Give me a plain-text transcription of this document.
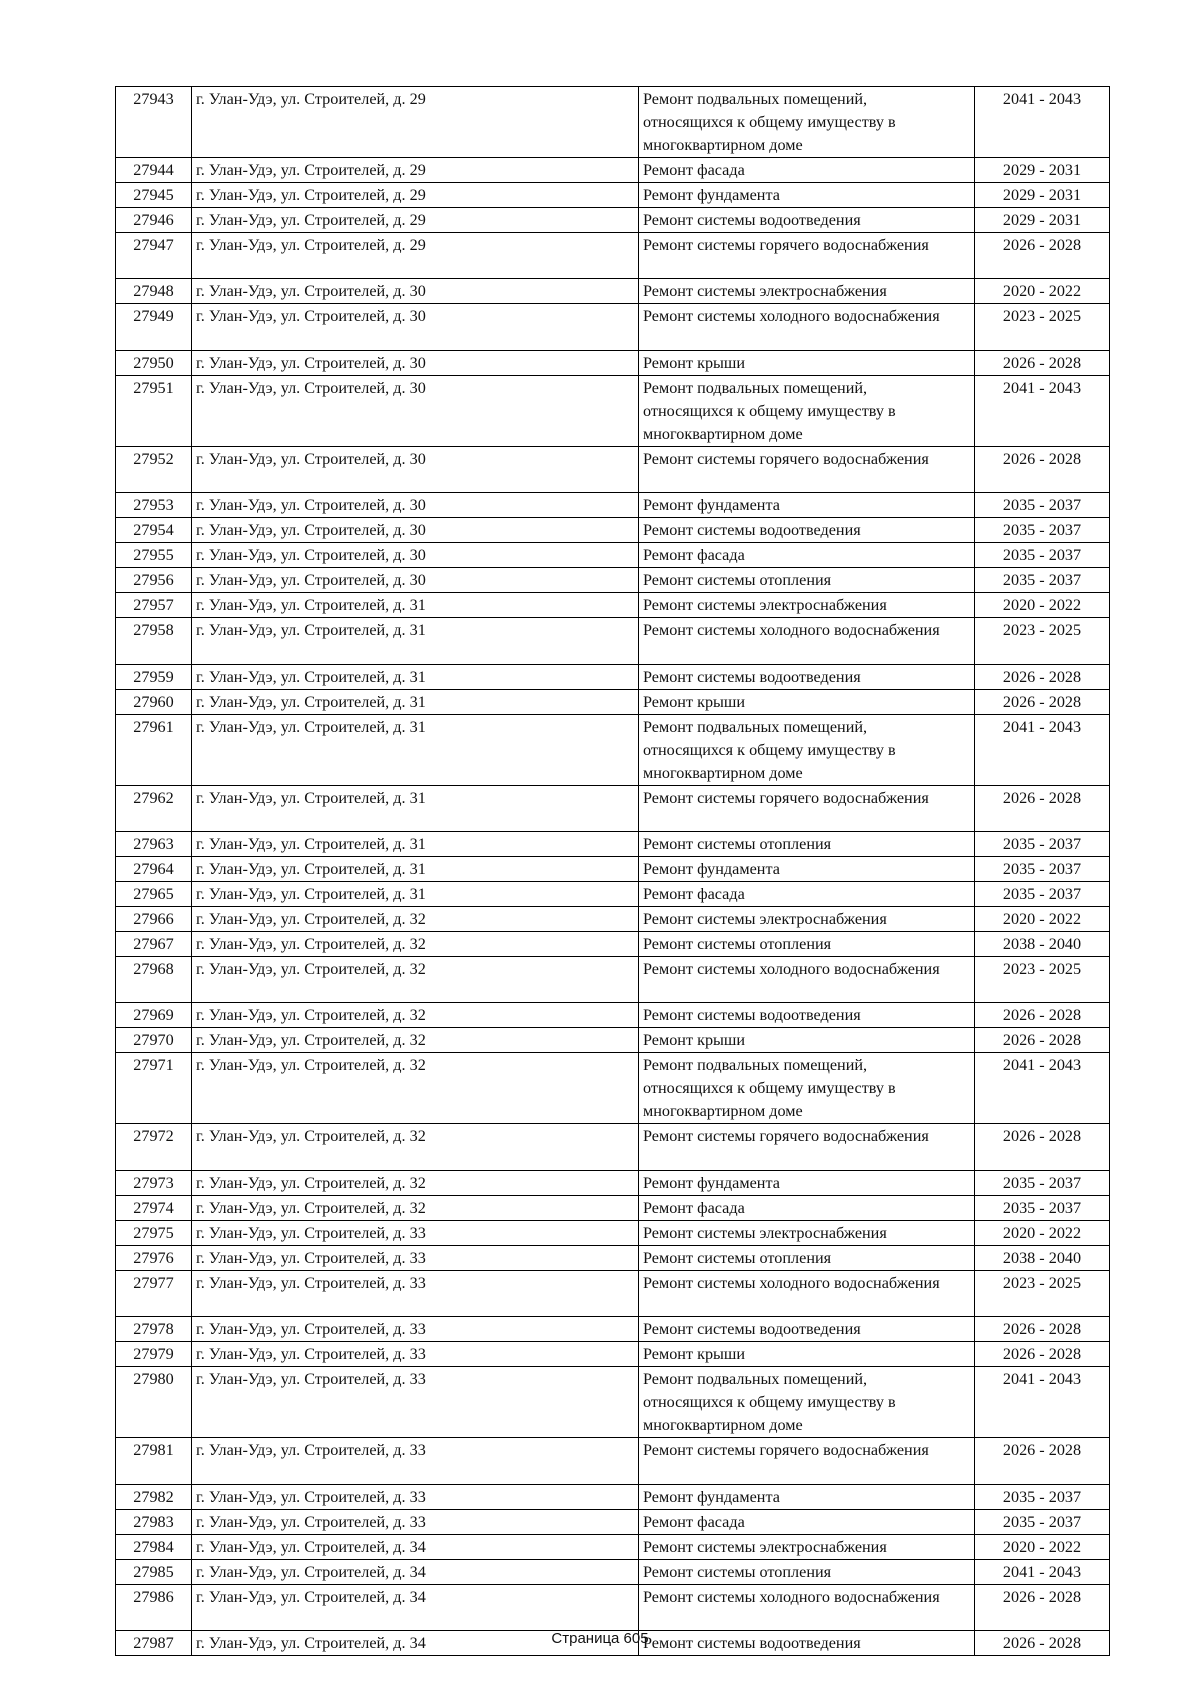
27943	г. Улан-Удэ, ул. Строителей, д. 29	Ремонт подвальных помещений,
относящихся к общему имуществу в
многоквартирном доме	2041 - 2043
27944	г. Улан-Удэ, ул. Строителей, д. 29	Ремонт фасада	2029 - 2031
27945	г. Улан-Удэ, ул. Строителей, д. 29	Ремонт фундамента	2029 - 2031
27946	г. Улан-Удэ, ул. Строителей, д. 29	Ремонт системы водоотведения	2029 - 2031
27947	г. Улан-Удэ, ул. Строителей, д. 29	Ремонт системы горячего водоснабжения	2026 - 2028
27948	г. Улан-Удэ, ул. Строителей, д. 30	Ремонт системы электроснабжения	2020 - 2022
27949	г. Улан-Удэ, ул. Строителей, д. 30	Ремонт системы холодного водоснабжения	2023 - 2025
27950	г. Улан-Удэ, ул. Строителей, д. 30	Ремонт крыши	2026 - 2028
27951	г. Улан-Удэ, ул. Строителей, д. 30	Ремонт подвальных помещений,
относящихся к общему имуществу в
многоквартирном доме	2041 - 2043
27952	г. Улан-Удэ, ул. Строителей, д. 30	Ремонт системы горячего водоснабжения	2026 - 2028
27953	г. Улан-Удэ, ул. Строителей, д. 30	Ремонт фундамента	2035 - 2037
27954	г. Улан-Удэ, ул. Строителей, д. 30	Ремонт системы водоотведения	2035 - 2037
27955	г. Улан-Удэ, ул. Строителей, д. 30	Ремонт фасада	2035 - 2037
27956	г. Улан-Удэ, ул. Строителей, д. 30	Ремонт системы отопления	2035 - 2037
27957	г. Улан-Удэ, ул. Строителей, д. 31	Ремонт системы электроснабжения	2020 - 2022
27958	г. Улан-Удэ, ул. Строителей, д. 31	Ремонт системы холодного водоснабжения	2023 - 2025
27959	г. Улан-Удэ, ул. Строителей, д. 31	Ремонт системы водоотведения	2026 - 2028
27960	г. Улан-Удэ, ул. Строителей, д. 31	Ремонт крыши	2026 - 2028
27961	г. Улан-Удэ, ул. Строителей, д. 31	Ремонт подвальных помещений,
относящихся к общему имуществу в
многоквартирном доме	2041 - 2043
27962	г. Улан-Удэ, ул. Строителей, д. 31	Ремонт системы горячего водоснабжения	2026 - 2028
27963	г. Улан-Удэ, ул. Строителей, д. 31	Ремонт системы отопления	2035 - 2037
27964	г. Улан-Удэ, ул. Строителей, д. 31	Ремонт фундамента	2035 - 2037
27965	г. Улан-Удэ, ул. Строителей, д. 31	Ремонт фасада	2035 - 2037
27966	г. Улан-Удэ, ул. Строителей, д. 32	Ремонт системы электроснабжения	2020 - 2022
27967	г. Улан-Удэ, ул. Строителей, д. 32	Ремонт системы отопления	2038 - 2040
27968	г. Улан-Удэ, ул. Строителей, д. 32	Ремонт системы холодного водоснабжения	2023 - 2025
27969	г. Улан-Удэ, ул. Строителей, д. 32	Ремонт системы водоотведения	2026 - 2028
27970	г. Улан-Удэ, ул. Строителей, д. 32	Ремонт крыши	2026 - 2028
27971	г. Улан-Удэ, ул. Строителей, д. 32	Ремонт подвальных помещений,
относящихся к общему имуществу в
многоквартирном доме	2041 - 2043
27972	г. Улан-Удэ, ул. Строителей, д. 32	Ремонт системы горячего водоснабжения	2026 - 2028
27973	г. Улан-Удэ, ул. Строителей, д. 32	Ремонт фундамента	2035 - 2037
27974	г. Улан-Удэ, ул. Строителей, д. 32	Ремонт фасада	2035 - 2037
27975	г. Улан-Удэ, ул. Строителей, д. 33	Ремонт системы электроснабжения	2020 - 2022
27976	г. Улан-Удэ, ул. Строителей, д. 33	Ремонт системы отопления	2038 - 2040
27977	г. Улан-Удэ, ул. Строителей, д. 33	Ремонт системы холодного водоснабжения	2023 - 2025
27978	г. Улан-Удэ, ул. Строителей, д. 33	Ремонт системы водоотведения	2026 - 2028
27979	г. Улан-Удэ, ул. Строителей, д. 33	Ремонт крыши	2026 - 2028
27980	г. Улан-Удэ, ул. Строителей, д. 33	Ремонт подвальных помещений,
относящихся к общему имуществу в
многоквартирном доме	2041 - 2043
27981	г. Улан-Удэ, ул. Строителей, д. 33	Ремонт системы горячего водоснабжения	2026 - 2028
27982	г. Улан-Удэ, ул. Строителей, д. 33	Ремонт фундамента	2035 - 2037
27983	г. Улан-Удэ, ул. Строителей, д. 33	Ремонт фасада	2035 - 2037
27984	г. Улан-Удэ, ул. Строителей, д. 34	Ремонт системы электроснабжения	2020 - 2022
27985	г. Улан-Удэ, ул. Строителей, д. 34	Ремонт системы отопления	2041 - 2043
27986	г. Улан-Удэ, ул. Строителей, д. 34	Ремонт системы холодного водоснабжения	2026 - 2028
27987	г. Улан-Удэ, ул. Строителей, д. 34	Ремонт системы водоотведения	2026 - 2028
Страница 605
